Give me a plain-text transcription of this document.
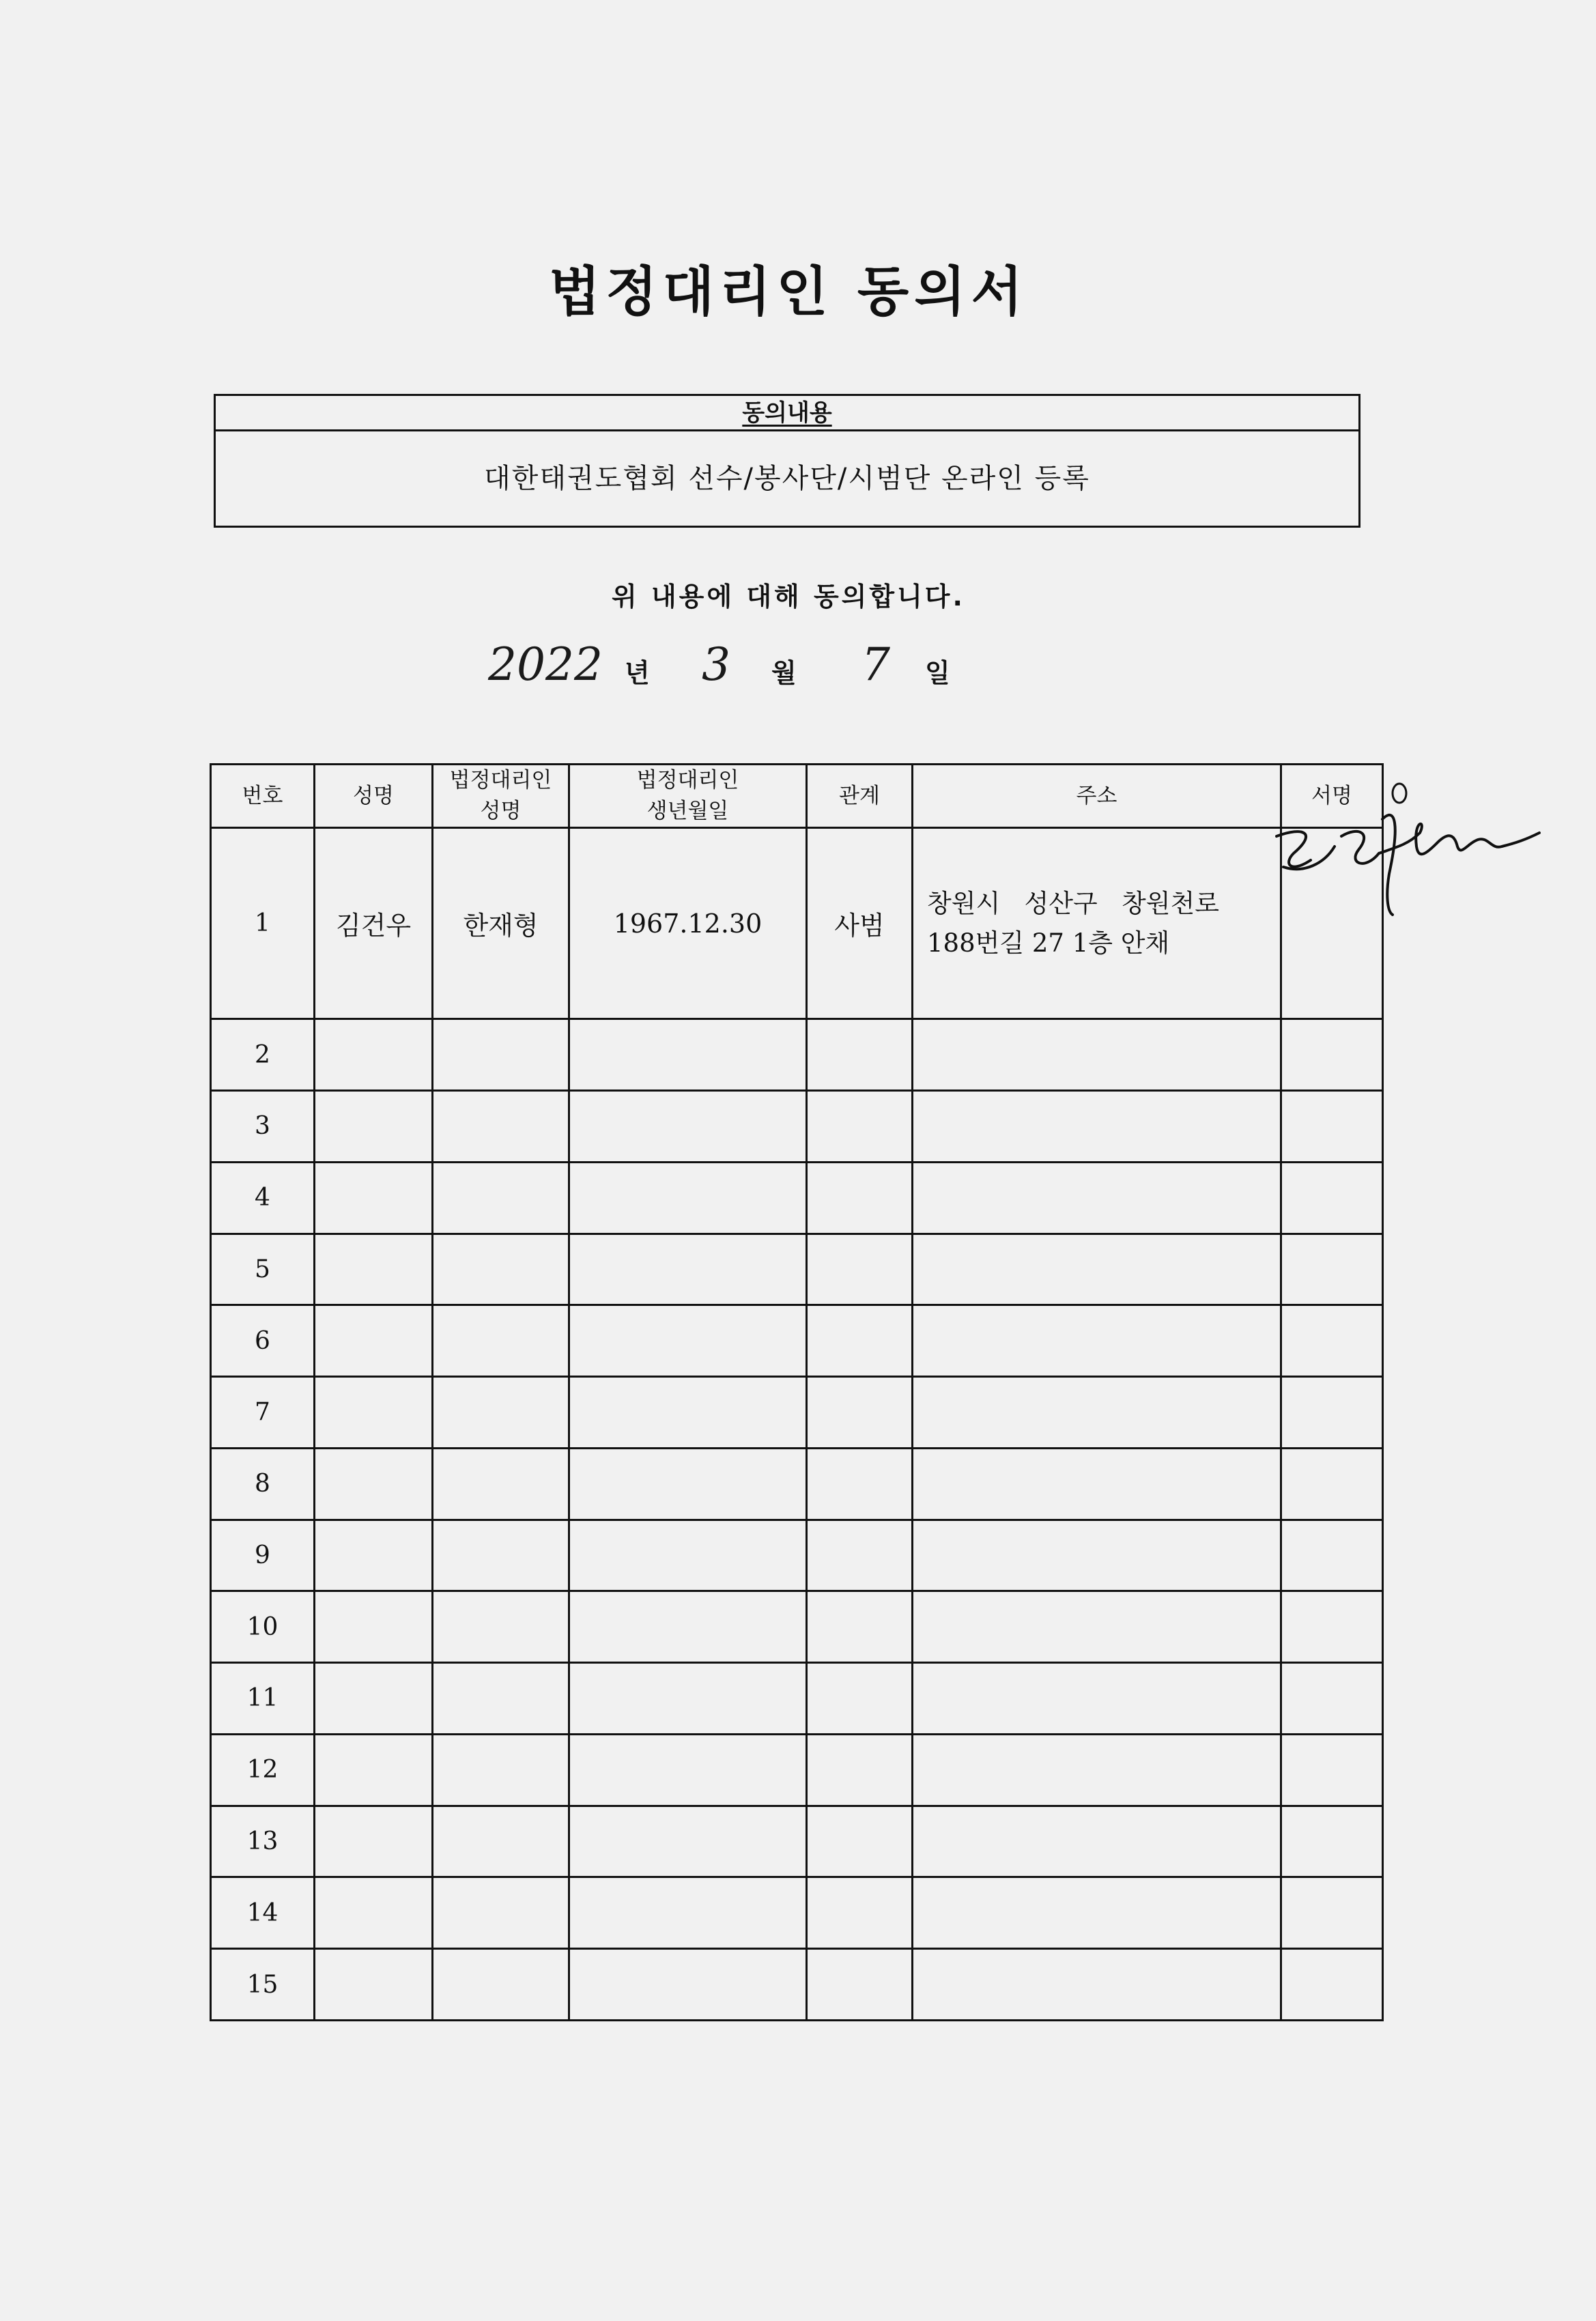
법정대리인 동의서
동의내용
대한태권도협회 선수/봉사단/시범단 온라인 등록
위 내용에 대해 동의합니다.
2022 년 3 월 7 일
번호	성명	법정대리인 성명	법정대리인 생년월일	관계	주소	서명
1	김건우	한재형	1967.12.30	사범	창원시   성산구   창원천로
188번길 27 1층 안채	

2					

3					

4					

5					

6					

7					

8					

9					

10					

11					

12					

13					

14					

15					
